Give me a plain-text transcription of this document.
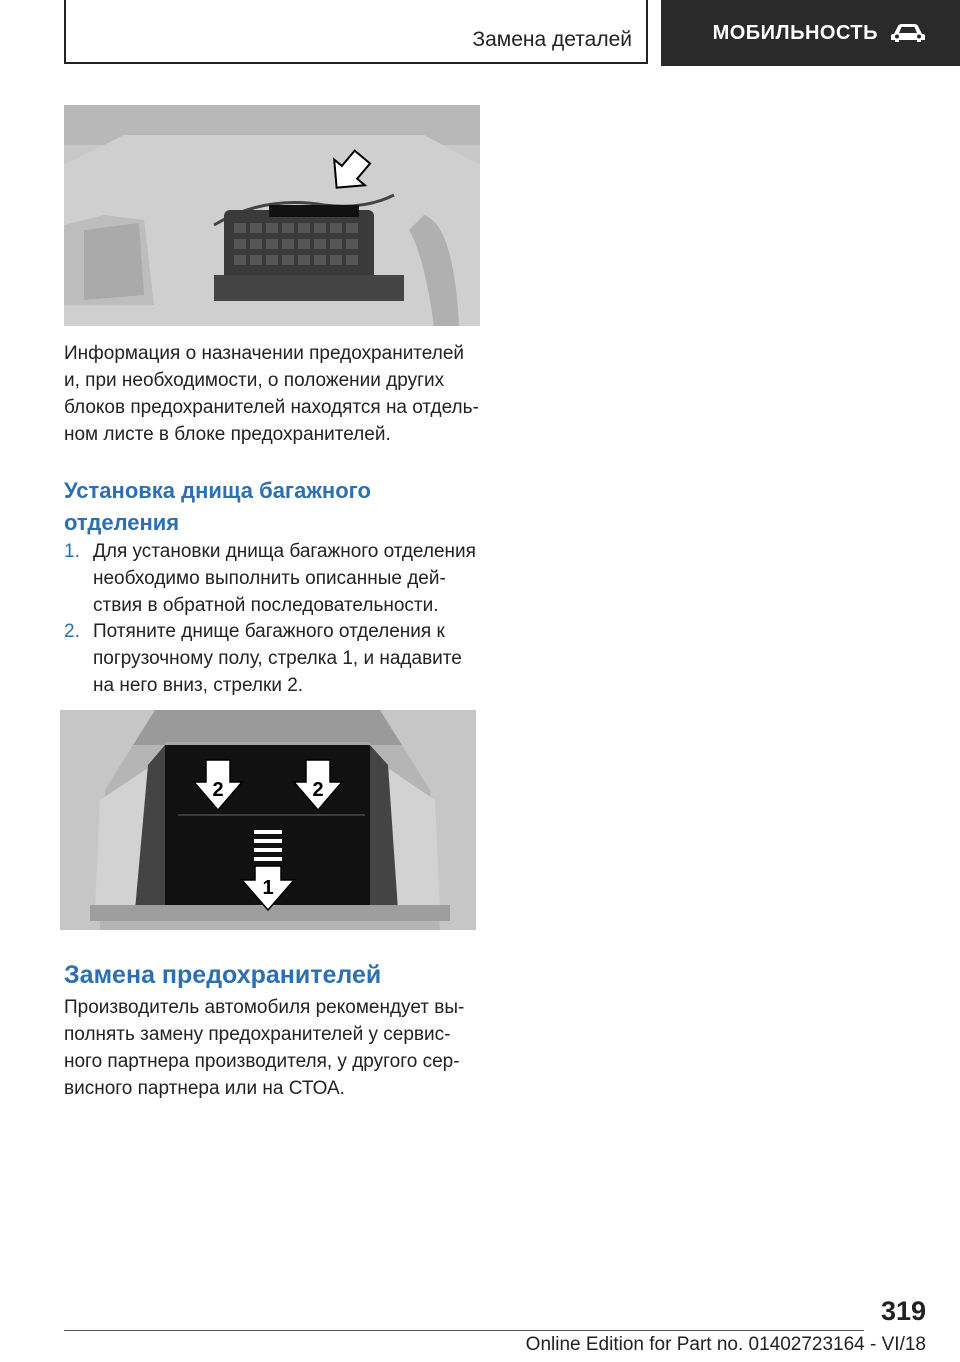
Замена деталей	МОБИЛЬНОСТЬ
Информация о назначении предохранителей
и, при необходимости, о положении других
блоков предохранителей находятся на отдель-
ном листе в блоке предохранителей.
Установка днища багажного
отделения
1. Для установки днища багажного отделения
необходимо выполнить описанные дей-
ствия в обратной последовательности.
2. Потяните днище багажного отделения к
погрузочному полу, стрелка 1, и надавите
на него вниз, стрелки 2.
2	2
1
Замена предохранителей
Производитель автомобиля рекомендует вы-
полнять замену предохранителей у сервис-
ного партнера производителя, у другого сер-
висного партнера или на СТОА.
319
Online Edition for Part no. 01402723164 - VI/18
